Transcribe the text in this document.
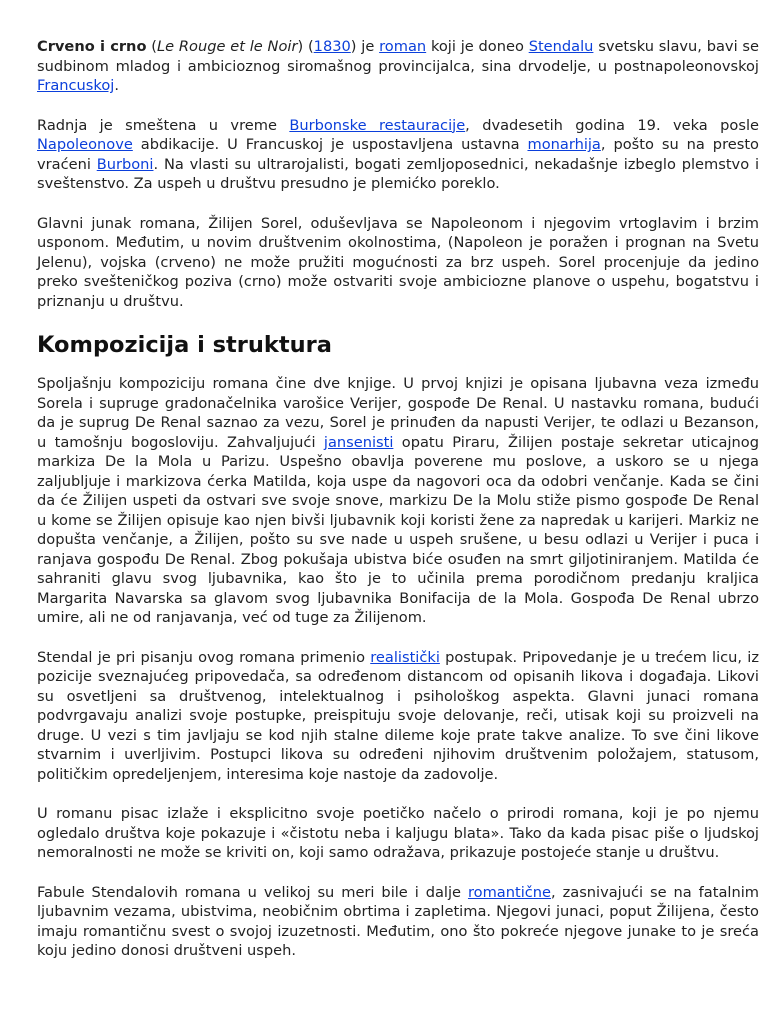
Crveno i crno (Le Rouge et le Noir) (1830) je roman koji je doneo Stendalu svetsku slavu, bavi se sudbinom mladog i ambicioznog siromašnog provincijalca, sina drvodelje, u postnapoleonovskoj Francuskoj.

Radnja je smeštena u vreme Burbonske restauracije, dvadesetih godina 19. veka posle Napoleonove abdikacije. U Francuskoj je uspostavljena ustavna monarhija, pošto su na presto vraćeni Burboni. Na vlasti su ultrarojalisti, bogati zemljoposednici, nekadašnje izbeglo plemstvo i sveštenstvo. Za uspeh u društvu presudno je plemićko poreklo.

Glavni junak romana, Žilijen Sorel, oduševljava se Napoleonom i njegovim vrtoglavim i brzim usponom. Međutim, u novim društvenim okolnostima, (Napoleon je poražen i prognan na Svetu Jelenu), vojska (crveno) ne može pružiti mogućnosti za brz uspeh. Sorel procenjuje da jedino preko svešteničkog poziva (crno) može ostvariti svoje ambiciozne planove o uspehu, bogatstvu i priznanju u društvu.

Kompozicija i struktura

Spoljašnju kompoziciju romana čine dve knjige. U prvoj knjizi je opisana ljubavna veza između Sorela i supruge gradonačelnika varošice Verijer, gospođe De Renal. U nastavku romana, budući da je suprug De Renal saznao za vezu, Sorel je prinuđen da napusti Verijer, te odlazi u Bezanson, u tamošnju bogosloviju. Zahvaljujući jansenisti opatu Piraru, Žilijen postaje sekretar uticajnog markiza De la Mola u Parizu. Uspešno obavlja poverene mu poslove, a uskoro se u njega zaljubljuje i markizova ćerka Matilda, koja uspe da nagovori oca da odobri venčanje. Kada se čini da će Žilijen uspeti da ostvari sve svoje snove, markizu De la Molu stiže pismo gospođe De Renal u kome se Žilijen opisuje kao njen bivši ljubavnik koji koristi žene za napredak u karijeri. Markiz ne dopušta venčanje, a Žilijen, pošto su sve nade u uspeh srušene, u besu odlazi u Verijer i puca i ranjava gospođu De Renal. Zbog pokušaja ubistva biće osuđen na smrt giljotiniranjem. Matilda će sahraniti glavu svog ljubavnika, kao što je to učinila prema porodičnom predanju kraljica Margarita Navarska sa glavom svog ljubavnika Bonifacija de la Mola. Gospođa De Renal ubrzo umire, ali ne od ranjavanja, već od tuge za Žilijenom.

Stendal je pri pisanju ovog romana primenio realistički postupak. Pripovedanje je u trećem licu, iz pozicije sveznajućeg pripovedača, sa određenom distancom od opisanih likova i događaja. Likovi su osvetljeni sa društvenog, intelektualnog i psihološkog aspekta. Glavni junaci romana podvrgavaju analizi svoje postupke, preispituju svoje delovanje, reči, utisak koji su proizveli na druge. U vezi s tim javljaju se kod njih stalne dileme koje prate takve analize. To sve čini likove stvarnim i uverljivim. Postupci likova su određeni njihovim društvenim položajem, statusom, političkim opredeljenjem, interesima koje nastoje da zadovolje.

U romanu pisac izlaže i eksplicitno svoje poetičko načelo o prirodi romana, koji je po njemu ogledalo društva koje pokazuje i «čistotu neba i kaljugu blata». Tako da kada pisac piše o ljudskoj nemoralnosti ne može se kriviti on, koji samo odražava, prikazuje postojeće stanje u društvu.

Fabule Stendalovih romana u velikoj su meri bile i dalje romantične, zasnivajući se na fatalnim ljubavnim vezama, ubistvima, neobičnim obrtima i zapletima. Njegovi junaci, poput Žilijena, često imaju romantičnu svest o svojoj izuzetnosti. Međutim, ono što pokreće njegove junake to je sreća koju jedino donosi društveni uspeh.
